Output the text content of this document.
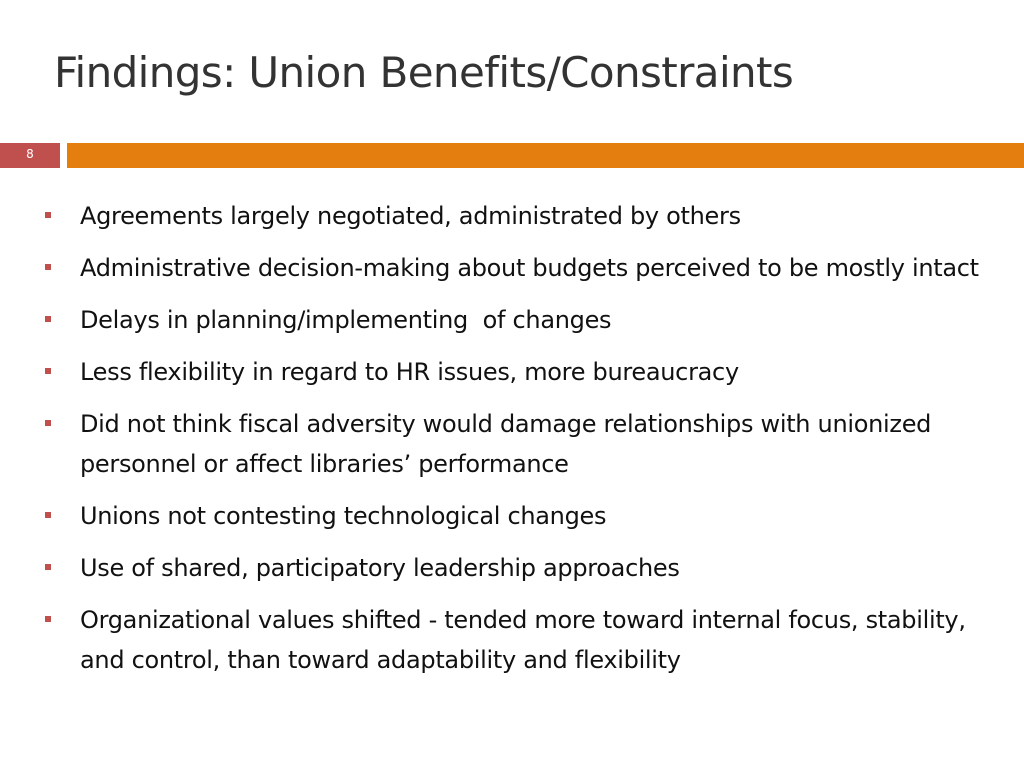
Findings: Union Benefits/Constraints
8
Agreements largely negotiated, administrated by others
Administrative decision-making about budgets perceived to be mostly intact
Delays in planning/implementing  of changes
Less flexibility in regard to HR issues, more bureaucracy
Did not think fiscal adversity would damage relationships with unionized personnel or affect libraries’ performance
Unions not contesting technological changes
Use of shared, participatory leadership approaches
Organizational values shifted - tended more toward internal focus, stability, and control, than toward adaptability and flexibility
